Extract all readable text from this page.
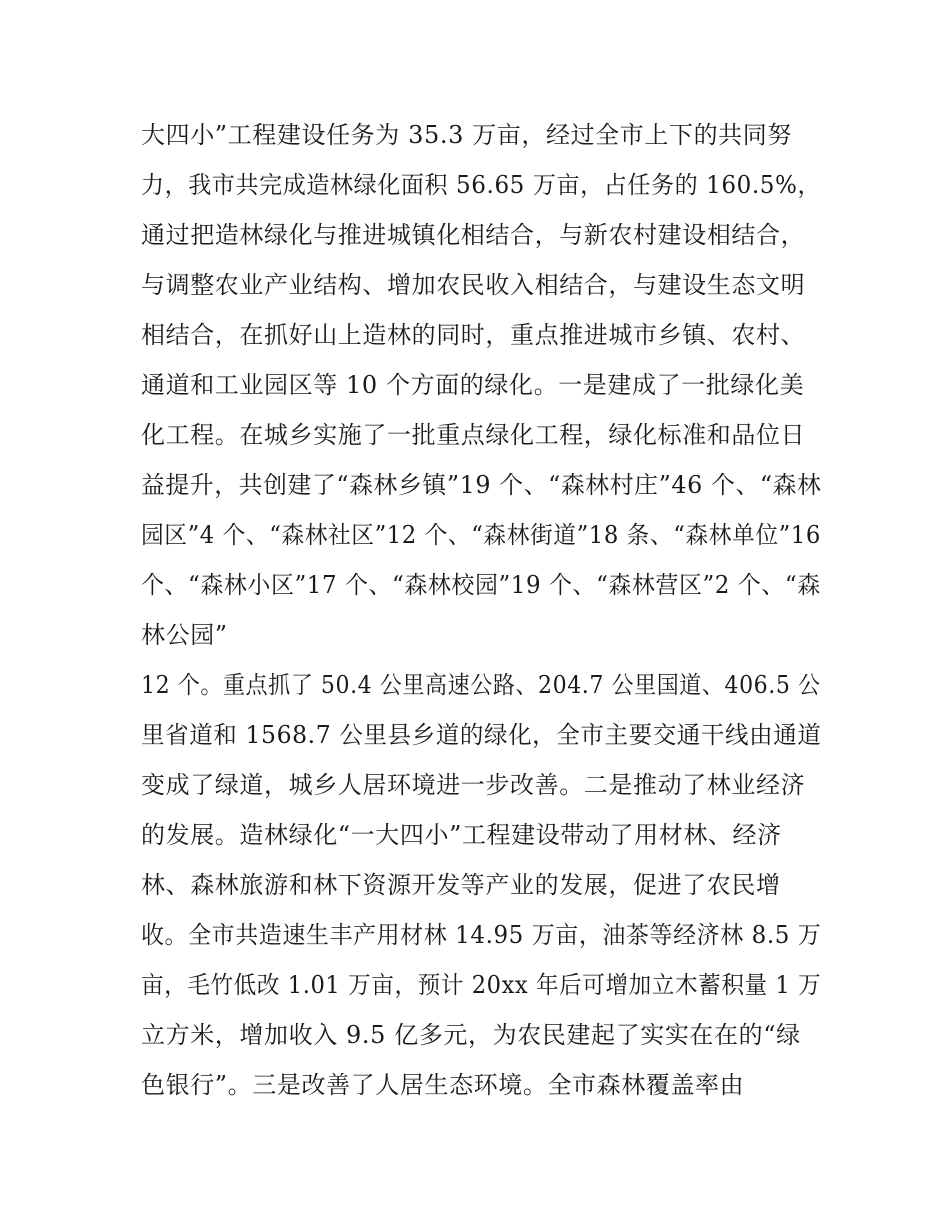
大四小”工程建设任务为 35.3 万亩，经过全市上下的共同努
力，我市共完成造林绿化面积 56.65 万亩，占任务的 160.5%，
通过把造林绿化与推进城镇化相结合，与新农村建设相结合，
与调整农业产业结构、增加农民收入相结合，与建设生态文明
相结合，在抓好山上造林的同时，重点推进城市乡镇、农村、
通道和工业园区等 10 个方面的绿化。一是建成了一批绿化美
化工程。在城乡实施了一批重点绿化工程，绿化标准和品位日
益提升，共创建了“森林乡镇”19 个、“森林村庄”46 个、“森林
园区”4 个、“森林社区”12 个、“森林街道”18 条、“森林单位”16
个、“森林小区”17 个、“森林校园”19 个、“森林营区”2 个、“森
林公园”
12 个。重点抓了 50.4 公里高速公路、204.7 公里国道、406.5 公
里省道和 1568.7 公里县乡道的绿化，全市主要交通干线由通道
变成了绿道，城乡人居环境进一步改善。二是推动了林业经济
的发展。造林绿化“一大四小”工程建设带动了用材林、经济
林、森林旅游和林下资源开发等产业的发展，促进了农民增
收。全市共造速生丰产用材林 14.95 万亩，油茶等经济林 8.5 万
亩，毛竹低改 1.01 万亩，预计 20xx 年后可增加立木蓄积量 1 万
立方米，增加收入 9.5 亿多元，为农民建起了实实在在的“绿
色银行”。三是改善了人居生态环境。全市森林覆盖率由
